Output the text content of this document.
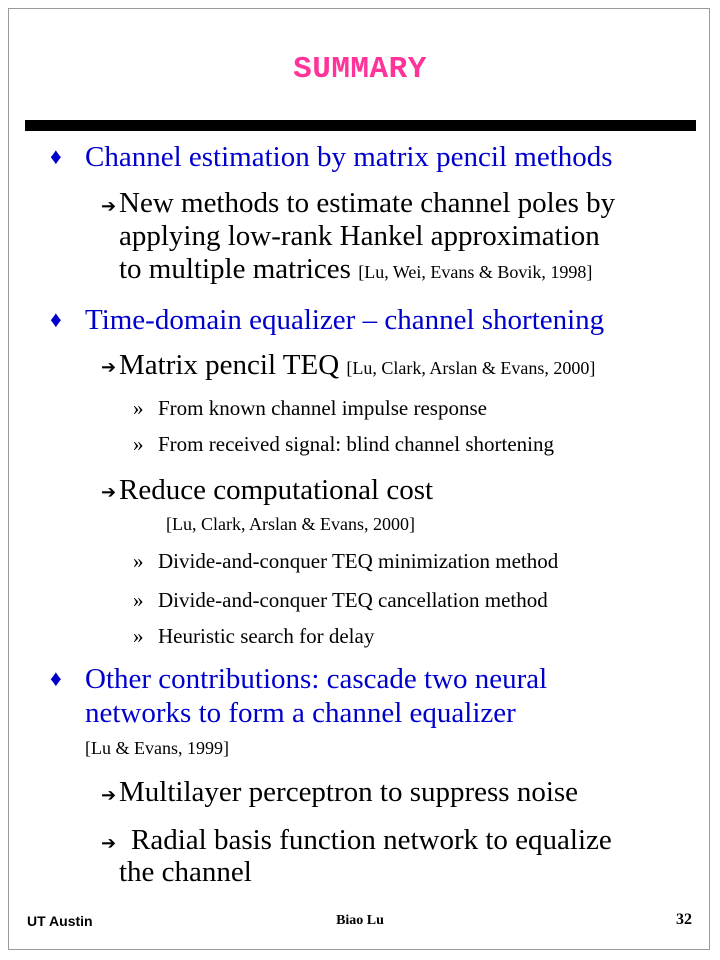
SUMMARY
♦ Channel estimation by matrix pencil methods
➔ New methods to estimate channel poles by
applying low-rank Hankel approximation
to multiple matrices [Lu, Wei, Evans & Bovik, 1998]
♦ Time-domain equalizer – channel shortening
➔ Matrix pencil TEQ [Lu, Clark, Arslan & Evans, 2000]
» From known channel impulse response
» From received signal: blind channel shortening
➔ Reduce computational cost
[Lu, Clark, Arslan & Evans, 2000]
» Divide-and-conquer TEQ minimization method
» Divide-and-conquer TEQ cancellation method
» Heuristic search for delay
♦ Other contributions: cascade two neural
networks to form a channel equalizer
[Lu & Evans, 1999]
➔ Multilayer perceptron to suppress noise
➔ Radial basis function network to equalize
the channel
UT Austin	Biao Lu	32
